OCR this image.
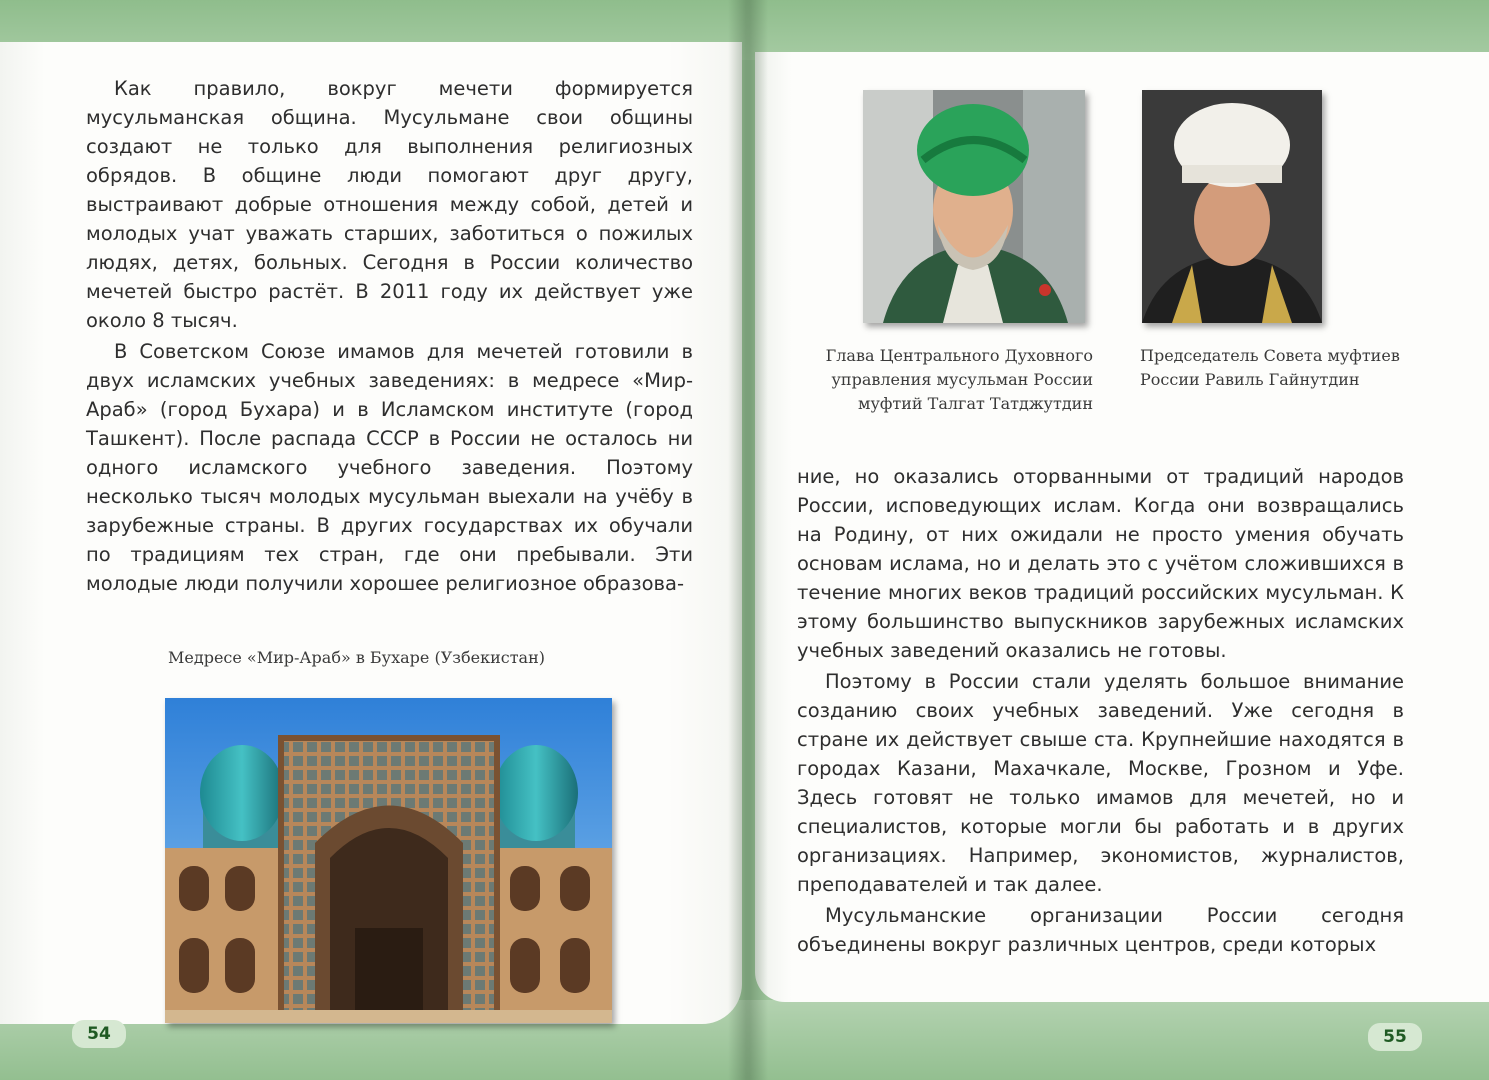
Как правило, вокруг мечети формируется мусульманская община. Мусульмане свои общины создают не только для выполнения религиозных обрядов. В общине люди помогают друг другу, выстраивают добрые отношения между собой, детей и молодых учат уважать старших, заботиться о пожилых людях, детях, больных. Сегодня в России количество мечетей быстро растёт. В 2011 году их действует уже около 8 тысяч.

В Советском Союзе имамов для мечетей готовили в двух исламских учебных заведениях: в медресе «Мир-Араб» (город Бухара) и в Исламском институте (город Ташкент). После распада СССР в России не осталось ни одного исламского учебного заведения. Поэтому несколько тысяч молодых мусульман выехали на учёбу в зарубежные страны. В других государствах их обучали по традициям тех стран, где они пребывали. Эти молодые люди получили хорошее религиозное образова-

Медресе «Мир-Араб» в Бухаре (Узбекистан)
54
Глава Центрального Духовного управления мусульман России муфтий Талгат Татджутдин
Председатель Совета муфтиев России Равиль Гайнутдин

ние, но оказались оторванными от традиций народов России, исповедующих ислам. Когда они возвращались на Родину, от них ожидали не просто умения обучать основам ислама, но и делать это с учётом сложившихся в течение многих веков традиций российских мусульман. К этому большинство выпускников зарубежных исламских учебных заведений оказались не готовы.

Поэтому в России стали уделять большое внимание созданию своих учебных заведений. Уже сегодня в стране их действует свыше ста. Крупнейшие находятся в городах Казани, Махачкале, Москве, Грозном и Уфе. Здесь готовят не только имамов для мечетей, но и специалистов, которые могли бы работать и в других организациях. Например, экономистов, журналистов, преподавателей и так далее.

Мусульманские организации России сегодня объединены вокруг различных центров, среди которых

55
